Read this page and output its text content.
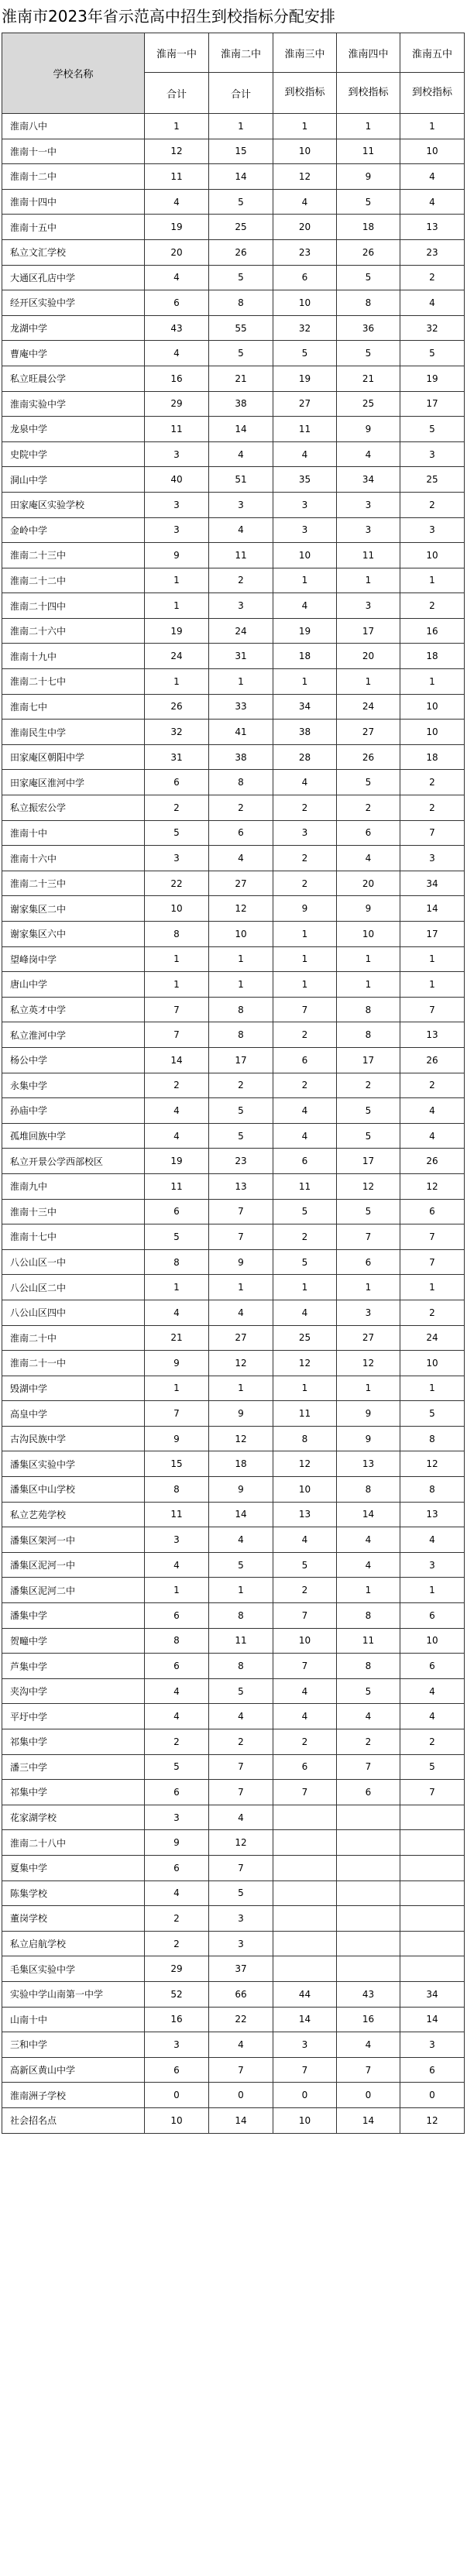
淮南市2023年省示范高中招生到校指标分配安排
学校名称	淮南一中	淮南二中	淮南三中	淮南四中	淮南五中
	合计	合计	到校指标	到校指标	到校指标
淮南八中	1	1	1	1	1
淮南十一中	12	15	10	11	10
淮南十二中	11	14	12	9	4
淮南十四中	4	5	4	5	4
淮南十五中	19	25	20	18	13
私立文汇学校	20	26	23	26	23
大通区孔店中学	4	5	6	5	2
经开区实验中学	6	8	10	8	4
龙湖中学	43	55	32	36	32
曹庵中学	4	5	5	5	5
私立旺晨公学	16	21	19	21	19
淮南实验中学	29	38	27	25	17
龙泉中学	11	14	11	9	5
史院中学	3	4	4	4	3
洞山中学	40	51	35	34	25
田家庵区实验学校	3	3	3	3	2
金岭中学	3	4	3	3	3
淮南二十三中	9	11	10	11	10
淮南二十二中	1	2	1	1	1
淮南二十四中	1	3	4	3	2
淮南二十六中	19	24	19	17	16
淮南十九中	24	31	18	20	18
淮南二十七中	1	1	1	1	1
淮南七中	26	33	34	24	10
淮南民生中学	32	41	38	27	10
田家庵区朝阳中学	31	38	28	26	18
田家庵区淮河中学	6	8	4	5	2
私立振宏公学	2	2	2	2	2
淮南十中	5	6	3	6	7
淮南十六中	3	4	2	4	3
淮南二十三中	22	27	2	20	34
谢家集区二中	10	12	9	9	14
谢家集区六中	8	10	1	10	17
望峰岗中学	1	1	1	1	1
唐山中学	1	1	1	1	1
私立英才中学	7	8	7	8	7
私立淮河中学	7	8	2	8	13
杨公中学	14	17	6	17	26
永集中学	2	2	2	2	2
孙庙中学	4	5	4	5	4
孤堆回族中学	4	5	4	5	4
私立开景公学西部校区	19	23	6	17	26
淮南九中	11	13	11	12	12
淮南十三中	6	7	5	5	6
淮南十七中	5	7	2	7	7
八公山区一中	8	9	5	6	7
八公山区二中	1	1	1	1	1
八公山区四中	4	4	4	3	2
淮南二十中	21	27	25	27	24
淮南二十一中	9	12	12	12	10
毁湖中学	1	1	1	1	1
高皇中学	7	9	11	9	5
古沟民族中学	9	12	8	9	8
潘集区实验中学	15	18	12	13	12
潘集区中山学校	8	9	10	8	8
私立艺苑学校	11	14	13	14	13
潘集区架河一中	3	4	4	4	4
潘集区泥河一中	4	5	5	4	3
潘集区泥河二中	1	1	2	1	1
潘集中学	6	8	7	8	6
贺疃中学	8	11	10	11	10
芦集中学	6	8	7	8	6
夹沟中学	4	5	4	5	4
平圩中学	4	4	4	4	4
祁集中学	2	2	2	2	2
潘三中学	5	7	6	7	5
祁集中学	6	7	7	6	7
花家湖学校	3	4			
淮南二十八中	9	12			
夏集中学	6	7			
陈集学校	4	5			
董岗学校	2	3			
私立启航学校	2	3			
毛集区实验中学	29	37			
实验中学山南第一中学	52	66	44	43	34
山南十中	16	22	14	16	14
三和中学	3	4	3	4	3
高新区黄山中学	6	7	7	7	6
淮南洲子学校	0	0	0	0	0
社会招名点	10	14	10	14	12
